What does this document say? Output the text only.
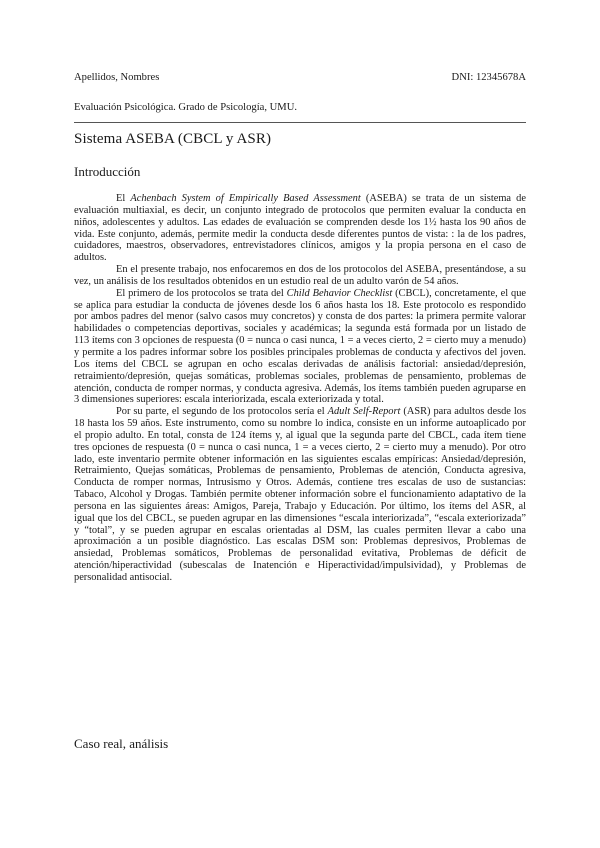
Apellidos, Nombres	DNI: 12345678A
Evaluación Psicológica. Grado de Psicología, UMU.
Sistema ASEBA (CBCL y ASR)
Introducción

El Achenbach System of Empirically Based Assessment (ASEBA) se trata de un sistema de evaluación multiaxial, es decir, un conjunto integrado de protocolos que permiten evaluar la conducta en niños, adolescentes y adultos. Las edades de evaluación se comprenden desde los 1½ hasta los 90 años de vida. Este conjunto, además, permite medir la conducta desde diferentes puntos de vista: : la de los padres, cuidadores, maestros, observadores, entrevistadores clínicos, amigos y la propia persona en el caso de adultos.

En el presente trabajo, nos enfocaremos en dos de los protocolos del ASEBA, presentándose, a su vez, un análisis de los resultados obtenidos en un estudio real de un adulto varón de 54 años.

El primero de los protocolos se trata del Child Behavior Checklist (CBCL), concretamente, el que se aplica para estudiar la conducta de jóvenes desde los 6 años hasta los 18. Este protocolo es respondido por ambos padres del menor (salvo casos muy concretos) y consta de dos partes: la primera permite valorar habilidades o competencias deportivas, sociales y académicas; la segunda está formada por un listado de 113 ítems con 3 opciones de respuesta (0 = nunca o casi nunca, 1 = a veces cierto, 2 = cierto muy a menudo) y permite a los padres informar sobre los posibles principales problemas de conducta y afectivos del joven. Los ítems del CBCL se agrupan en ocho escalas derivadas de análisis factorial: ansiedad/depresión, retraimiento/depresión, quejas somáticas, problemas sociales, problemas de pensamiento, problemas de atención, conducta de romper normas, y conducta agresiva. Además, los ítems también pueden agruparse en 3 dimensiones superiores: escala interiorizada, escala exteriorizada y total.

Por su parte, el segundo de los protocolos sería el Adult Self-Report (ASR) para adultos desde los 18 hasta los 59 años. Este instrumento, como su nombre lo indica, consiste en un informe autoaplicado por el propio adulto. En total, consta de 124 ítems y, al igual que la segunda parte del CBCL, cada ítem tiene tres opciones de respuesta (0 = nunca o casi nunca, 1 = a veces cierto, 2 = cierto muy a menudo). Por otro lado, este inventario permite obtener información en las siguientes escalas empíricas: Ansiedad/depresión, Retraimiento, Quejas somáticas, Problemas de pensamiento, Problemas de atención, Conducta agresiva, Conducta de romper normas, Intrusismo y Otros. Además, contiene tres escalas de uso de sustancias: Tabaco, Alcohol y Drogas. También permite obtener información sobre el funcionamiento adaptativo de la persona en las siguientes áreas: Amigos, Pareja, Trabajo y Educación. Por último, los ítems del ASR, al igual que los del CBCL, se pueden agrupar en las dimensiones “escala interiorizada”, “escala exteriorizada” y “total”, y se pueden agrupar en escalas orientadas al DSM, las cuales permiten llevar a cabo una aproximación a un posible diagnóstico. Las escalas DSM son: Problemas depresivos, Problemas de ansiedad, Problemas somáticos, Problemas de personalidad evitativa, Problemas de déficit de atención/hiperactividad (subescalas de Inatención e Hiperactividad/impulsividad), y Problemas de personalidad antisocial.

Caso real, análisis
